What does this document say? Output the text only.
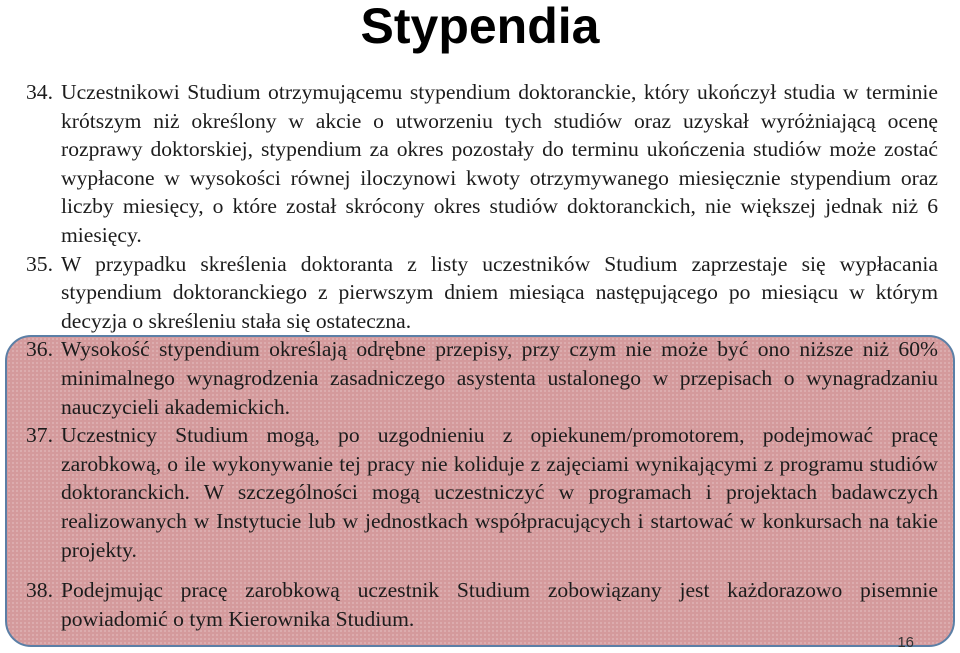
Stypendia
34. Uczestnikowi Studium otrzymującemu stypendium doktoranckie, który ukończył studia w terminie krótszym niż określony w akcie o utworzeniu tych studiów oraz uzyskał wyróżniającą ocenę rozprawy doktorskiej, stypendium za okres pozostały do terminu ukończenia studiów może zostać wypłacone w wysokości równej iloczynowi kwoty otrzymywanego miesięcznie stypendium oraz liczby miesięcy, o które został skrócony okres studiów doktoranckich, nie większej jednak niż 6 miesięcy.
35. W przypadku skreślenia doktoranta z listy uczestników Studium zaprzestaje się wypłacania stypendium doktoranckiego z pierwszym dniem miesiąca następującego po miesiącu w którym decyzja o skreśleniu stała się ostateczna.
36. Wysokość stypendium określają odrębne przepisy, przy czym nie może być ono niższe niż 60% minimalnego wynagrodzenia zasadniczego asystenta ustalonego w przepisach o wynagradzaniu nauczycieli akademickich.
37. Uczestnicy Studium mogą, po uzgodnieniu z opiekunem/promotorem, podejmować pracę zarobkową, o ile wykonywanie tej pracy nie koliduje z zajęciami wynikającymi z programu studiów doktoranckich. W szczególności mogą uczestniczyć w programach i projektach badawczych realizowanych w Instytucie lub w jednostkach współpracujących i startować w konkursach na takie projekty.
38. Podejmując pracę zarobkową uczestnik Studium zobowiązany jest każdorazowo pisemnie powiadomić o tym Kierownika Studium.
16
